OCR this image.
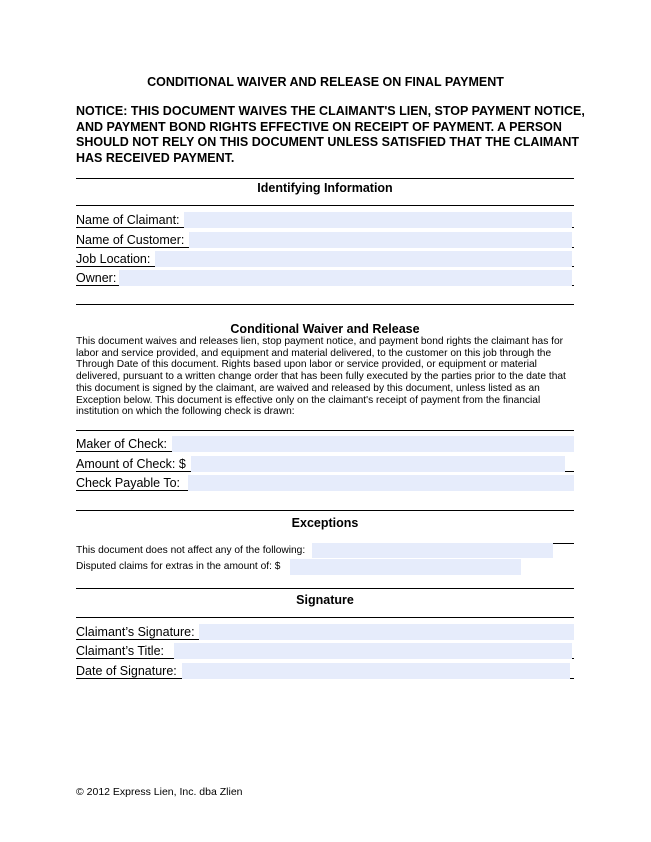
CONDITIONAL WAIVER AND RELEASE ON FINAL PAYMENT
NOTICE: THIS DOCUMENT WAIVES THE CLAIMANT'S LIEN, STOP PAYMENT NOTICE, AND PAYMENT BOND RIGHTS EFFECTIVE ON RECEIPT OF PAYMENT. A PERSON SHOULD NOT RELY ON THIS DOCUMENT UNLESS SATISFIED THAT THE CLAIMANT HAS RECEIVED PAYMENT.
Identifying Information
Name of Claimant:
Name of Customer:
Job Location:
Owner:
Conditional Waiver and Release
This document waives and releases lien, stop payment notice, and payment bond rights the claimant has for labor and service provided, and equipment and material delivered, to the customer on this job through the Through Date of this document. Rights based upon labor or service provided, or equipment or material delivered, pursuant to a written change order that has been fully executed by the parties prior to the date that this document is signed by the claimant, are waived and released by this document, unless listed as an Exception below. This document is effective only on the claimant's receipt of payment from the financial institution on which the following check is drawn:
Maker of Check:
Amount of Check: $
Check Payable To:
Exceptions
This document does not affect any of the following:
Disputed claims for extras in the amount of: $
Signature
Claimant’s Signature:
Claimant’s Title:
Date of Signature:
© 2012 Express Lien, Inc. dba Zlien
